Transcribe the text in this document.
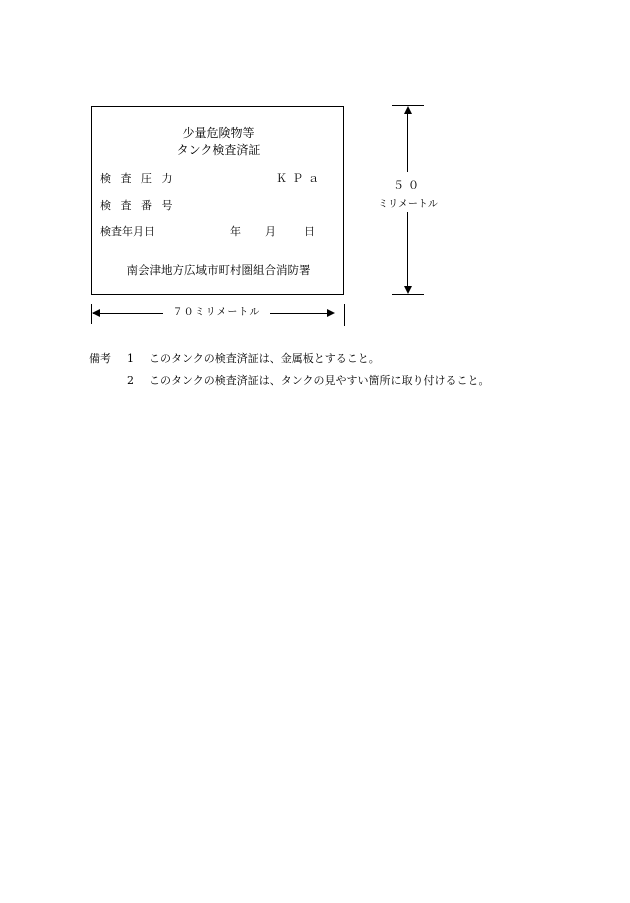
少量危険物等
タンク検査済証
検 査 圧 力	ＫＰａ
検 査 番 号
検査年月日	年 月	日
南会津地方広域市町村圏組合消防署
５０
ミリメートル
７０ミリメートル
備考	1	このタンクの検査済証は、金属板とすること。
2	このタンクの検査済証は、タンクの見やすい箇所に取り付けること。
